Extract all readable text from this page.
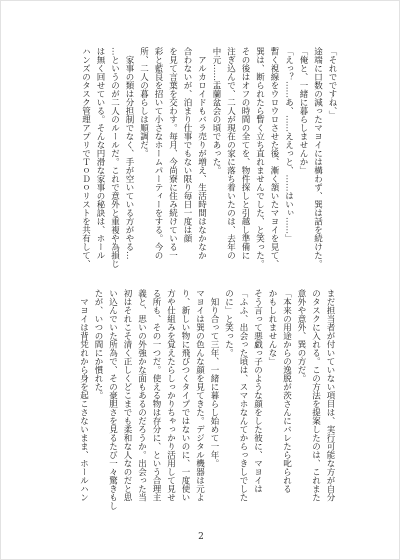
「それでですね、」
途端に口数の減ったマヨイには構わず、巽は話を続けた。
「俺と、一緒に暮らしませんか」
「えっ？……あ、……ええっと、……はいぃ……」
暫く視線をウロウロさせた後、漸く頷いたマヨイを見て、
巽は、断られたら暫く立ち直れませんでした、と笑った。
その後はオフの時間の全てを、物件探しと引越し準備に
注ぎ込んで、二人が現在の家に落ち着いたのは、去年の
中元……盂蘭盆会の頃であった。
　アルカロイドもバラ売りが増え、生活時間はなかなか
合わないが、泊まり仕事でもない限り毎日一度は顔
を見て言葉を交わす。毎月、今尚寮に住み続けている一
彩と藍良を招いて小さなホームパーティーをする。今の
所、二人の暮らしは順調だ。
　家事の類は分担制でなく、手が空いている方がやる…
…というのが二人のルールだ。これで意外と重複や為損じ
は無く回せている。そんな円滑な家事の秘訣は、ホール
ハンズのタスク管理アプリでＴｏＤｏリストを共有して、
まだ担当者が付いていない項目は、実行可能な方が自分
のタスクに入れる。この方法を提案したのは、これまた
意外や意外、巽の方だ。
「本来の用途からの逸脱が茨さんにバレたら叱られる
かもしれませんな」
そう言って悪戯っ子のような顔をした彼に、マヨイは
「ふふ、出会った頃は、スマホなんてからっきしでした
のに」と笑った。
　知り合って三年、一緒に暮らし始めて一年。
マヨイは巽の色んな顔を見てきた。デジタル機器は元よ
り、新しい物に飛びつくタイプではないのに、一度使い
方や仕組みを覚えたらしっかりちゃっかり活用して見せ
る所も、その一つだ。使える物は存分に、という合理主
義と、思いの外強かな面もあるのだろうか。出会った当
初はそれこそ清く正しくどこまでも柔和な人なのだと思
い込んでいた所為で、その豪胆さを見るたび一々驚きもし
たが、いつの間にか慣れた。
　マヨイは背凭れから身を起こさないまま、ホールハン
2
